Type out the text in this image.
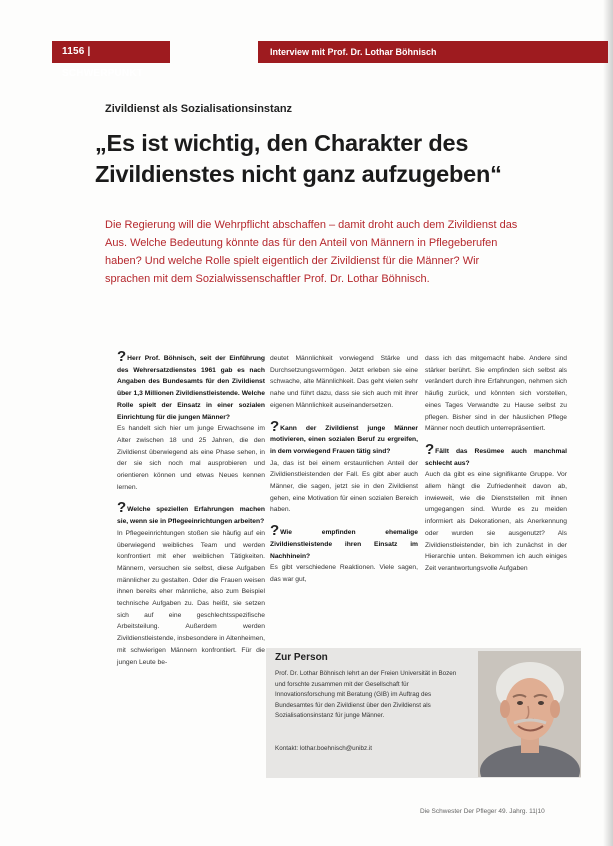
1156 | SCHWERPUNKT
Interview mit Prof. Dr. Lothar Böhnisch
Zivildienst als Sozialisationsinstanz
„Es ist wichtig, den Charakter des Zivildienstes nicht ganz aufzugeben“
Die Regierung will die Wehrpflicht abschaffen – damit droht auch dem Zivildienst das Aus. Welche Bedeutung könnte das für den Anteil von Männern in Pflegeberufen haben? Und welche Rolle spielt eigentlich der Zivildienst für die Männer? Wir sprachen mit dem Sozialwissenschaftler Prof. Dr. Lothar Böhnisch.
? Herr Prof. Böhnisch, seit der Einführung des Wehrersatzdienstes 1961 gab es nach Angaben des Bundesamts für den Zivildienst über 1,3 Millionen Zivildienstleistende. Welche Rolle spielt der Einsatz in einer sozialen Einrichtung für die jungen Männer?
Es handelt sich hier um junge Erwachsene im Alter zwischen 18 und 25 Jahren, die den Zivildienst überwiegend als eine Phase sehen, in der sie sich noch mal ausprobieren und orientieren können und etwas Neues kennen lernen.
? Welche speziellen Erfahrungen machen sie, wenn sie in Pflegeeinrichtungen arbeiten?
In Pflegeeinrichtungen stoßen sie häufig auf ein überwiegend weibliches Team und werden konfrontiert mit eher weiblichen Tätigkeiten. Männern, versuchen sie selbst, diese Aufgaben männlicher zu gestalten. Oder die Frauen weisen ihnen bereits eher männliche, also zum Beispiel technische Aufgaben zu. Das heißt, sie setzen sich auf eine geschlechtsspezifische Arbeitsteilung. Außerdem werden Zivildienstleistende, insbesondere in Altenheimen, mit schwierigen Männern konfrontiert. Für die jungen Leute be-
deutet Männlichkeit vorwiegend Stärke und Durchsetzungsvermögen. Jetzt erleben sie eine schwache, alte Männlichkeit. Das geht vielen sehr nahe und führt dazu, dass sie sich auch mit ihrer eigenen Männlichkeit auseinandersetzen.
? Kann der Zivildienst junge Männer motivieren, einen sozialen Beruf zu ergreifen, in dem vorwiegend Frauen tätig sind?
Ja, das ist bei einem erstaunlichen Anteil der Zivildienstleistenden der Fall. Es gibt aber auch Männer, die sagen, jetzt sie in den Zivildienst gehen, eine Motivation für einen sozialen Bereich haben.
? Wie empfinden ehemalige Zivildienstleistende ihren Einsatz im Nachhinein?
Es gibt verschiedene Reaktionen. Viele sagen, das war gut,
dass ich das mitgemacht habe. Andere sind stärker berührt. Sie empfinden sich selbst als verändert durch ihre Erfahrungen, nehmen sich häufig zurück, und könnten sich vorstellen, eines Tages Verwandte zu Hause selbst zu pflegen. Bisher sind in der häuslichen Pflege Männer noch deutlich unterrepräsentiert.
? Fällt das Resümee auch manchmal schlecht aus?
Auch da gibt es eine signifikante Gruppe. Vor allem hängt die Zufriedenheit davon ab, inwieweit, wie die Dienststellen mit ihnen umgegangen sind. Wurde es zu meiden informiert als Dekorationen, als Anerkennung oder wurden sie ausgenutzt? Als Zivildienstleistender, bin ich zunächst in der Hierarchie unten. Bekommen ich auch einiges Zeit verantwortungsvolle Aufgaben
Zur Person
Prof. Dr. Lothar Böhnisch lehrt an der Freien Universität in Bozen und forschte zusammen mit der Gesellschaft für Innovationsforschung mit Beratung (GIB) im Auftrag des Bundesamtes für den Zivildienst über den Zivildienst als Sozialisationsinstanz für junge Männer.
Kontakt: lothar.boehnisch@unibz.it
Die Schwester Der Pfleger 49. Jahrg. 11|10
